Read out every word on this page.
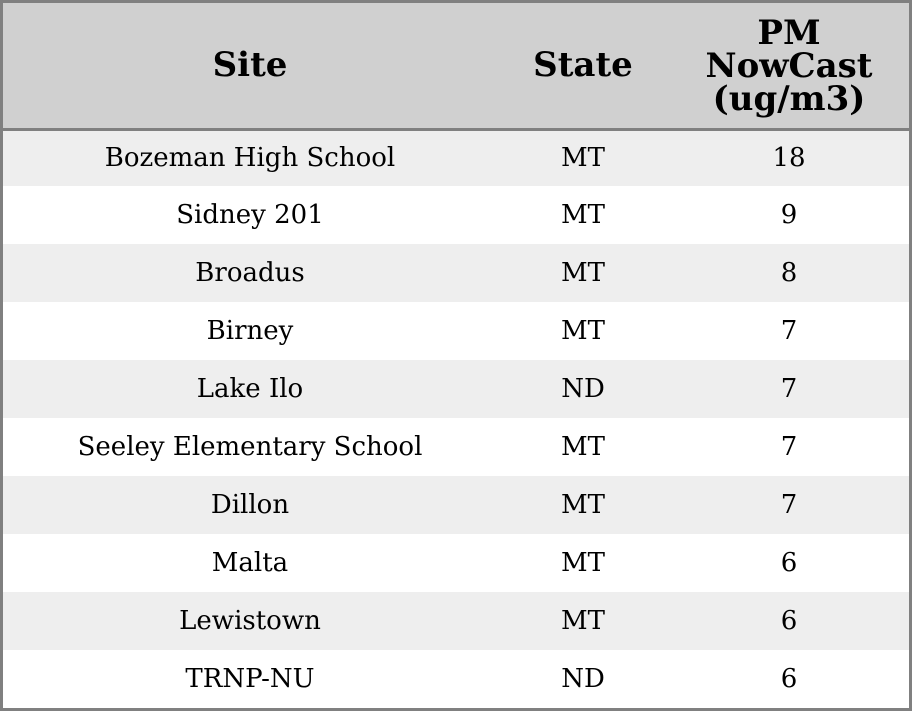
Site	State	PM
NowCast
(ug/m3)

Bozeman High School	MT	18
Sidney 201	MT	9
Broadus	MT	8
Birney	MT	7
Lake Ilo	ND	7
Seeley Elementary School	MT	7
Dillon	MT	7
Malta	MT	6
Lewistown	MT	6
TRNP-NU	ND	6
